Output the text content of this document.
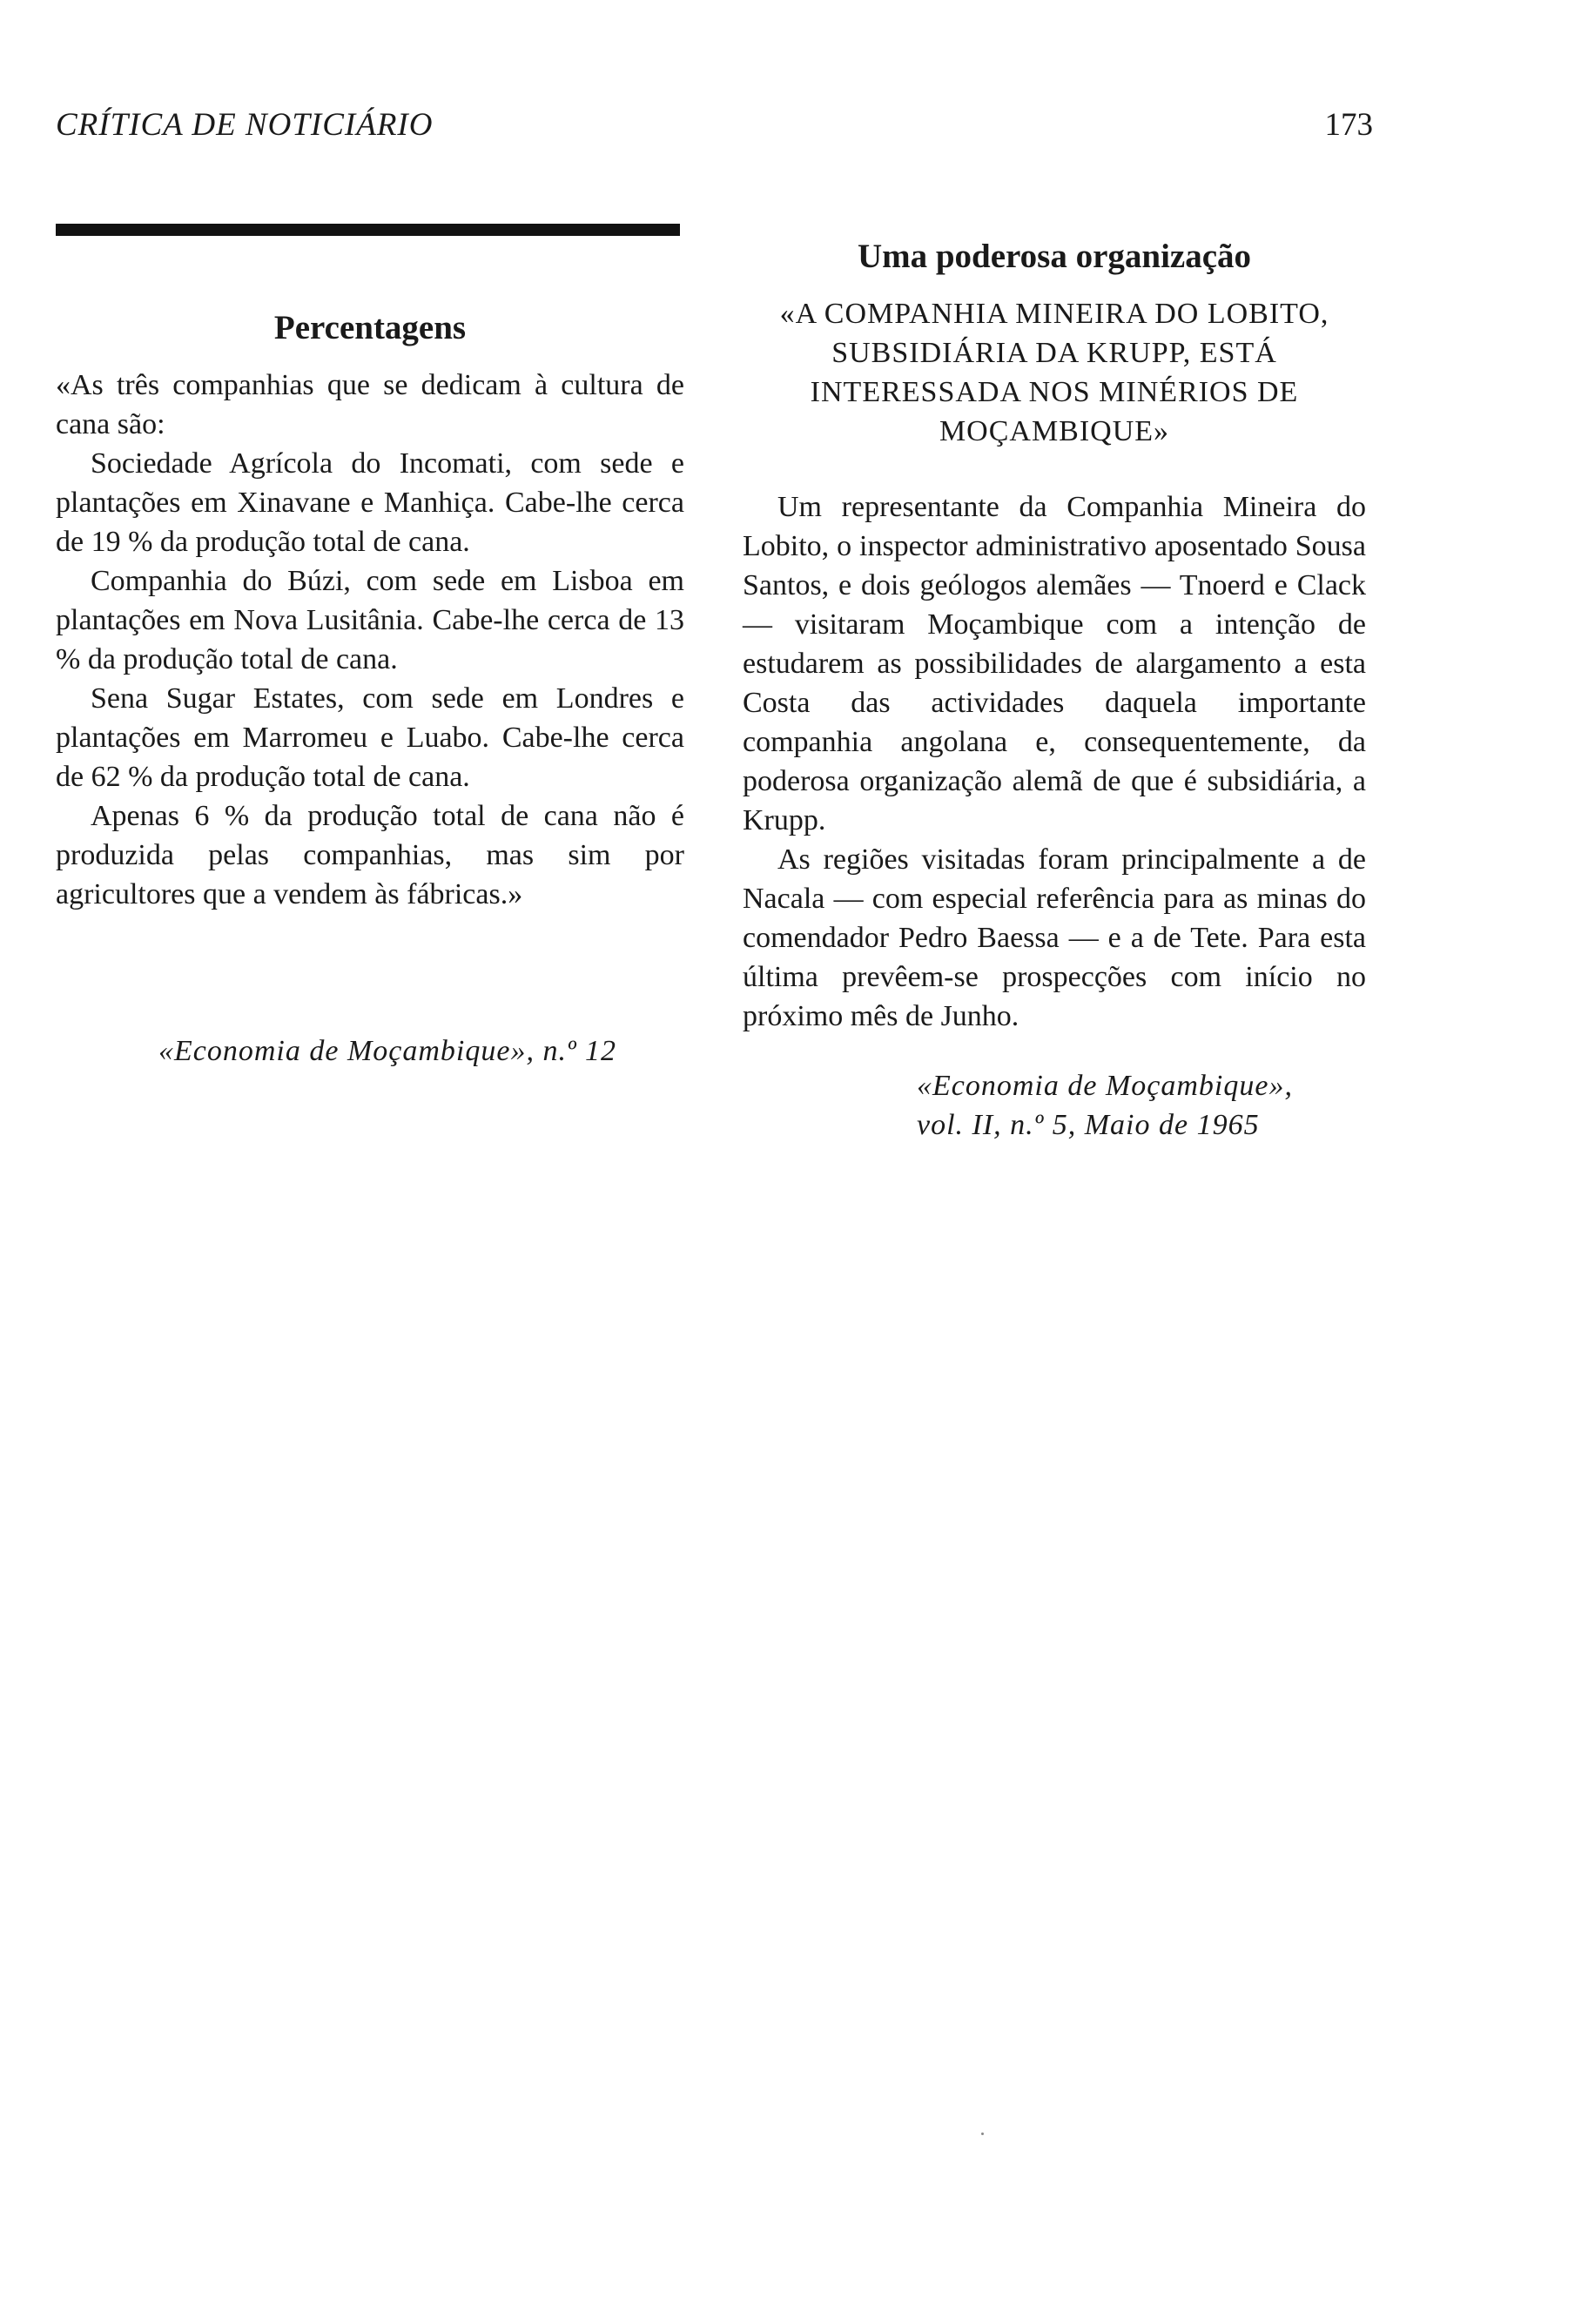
CRÍTICA DE NOTICIÁRIO	173
Percentagens

«As três companhias que se dedicam à cultura de cana são:

Sociedade Agrícola do Incomati, com sede e plantações em Xinavane e Manhiça. Cabe-lhe cerca de 19 % da produção total de cana.

Companhia do Búzi, com sede em Lisboa em plantações em Nova Lusitânia. Cabe-lhe cerca de 13 % da produção total de cana.

Sena Sugar Estates, com sede em Londres e plantações em Marromeu e Luabo. Cabe-lhe cerca de 62 % da produção total de cana.

Apenas 6 % da produção total de cana não é produzida pelas companhias, mas sim por agricultores que a vendem às fábricas.»

«Economia de Moçambique», n.º 12
Uma poderosa organização
«A COMPANHIA MINEIRA DO LOBITO, SUBSIDIÁRIA DA KRUPP, ESTÁ INTERESSADA NOS MINÉRIOS DE MOÇAMBIQUE»

Um representante da Companhia Mineira do Lobito, o inspector administrativo aposentado Sousa Santos, e dois geólogos alemães — Tnoerd e Clack — visitaram Moçambique com a intenção de estudarem as possibilidades de alargamento a esta Costa das actividades daquela importante companhia angolana e, consequentemente, da poderosa organização alemã de que é subsidiária, a Krupp.

As regiões visitadas foram principalmente a de Nacala — com especial referência para as minas do comendador Pedro Baessa — e a de Tete. Para esta última prevêem-se prospecções com início no próximo mês de Junho.

«Economia de Moçambique»,
vol. II, n.º 5, Maio de 1965
